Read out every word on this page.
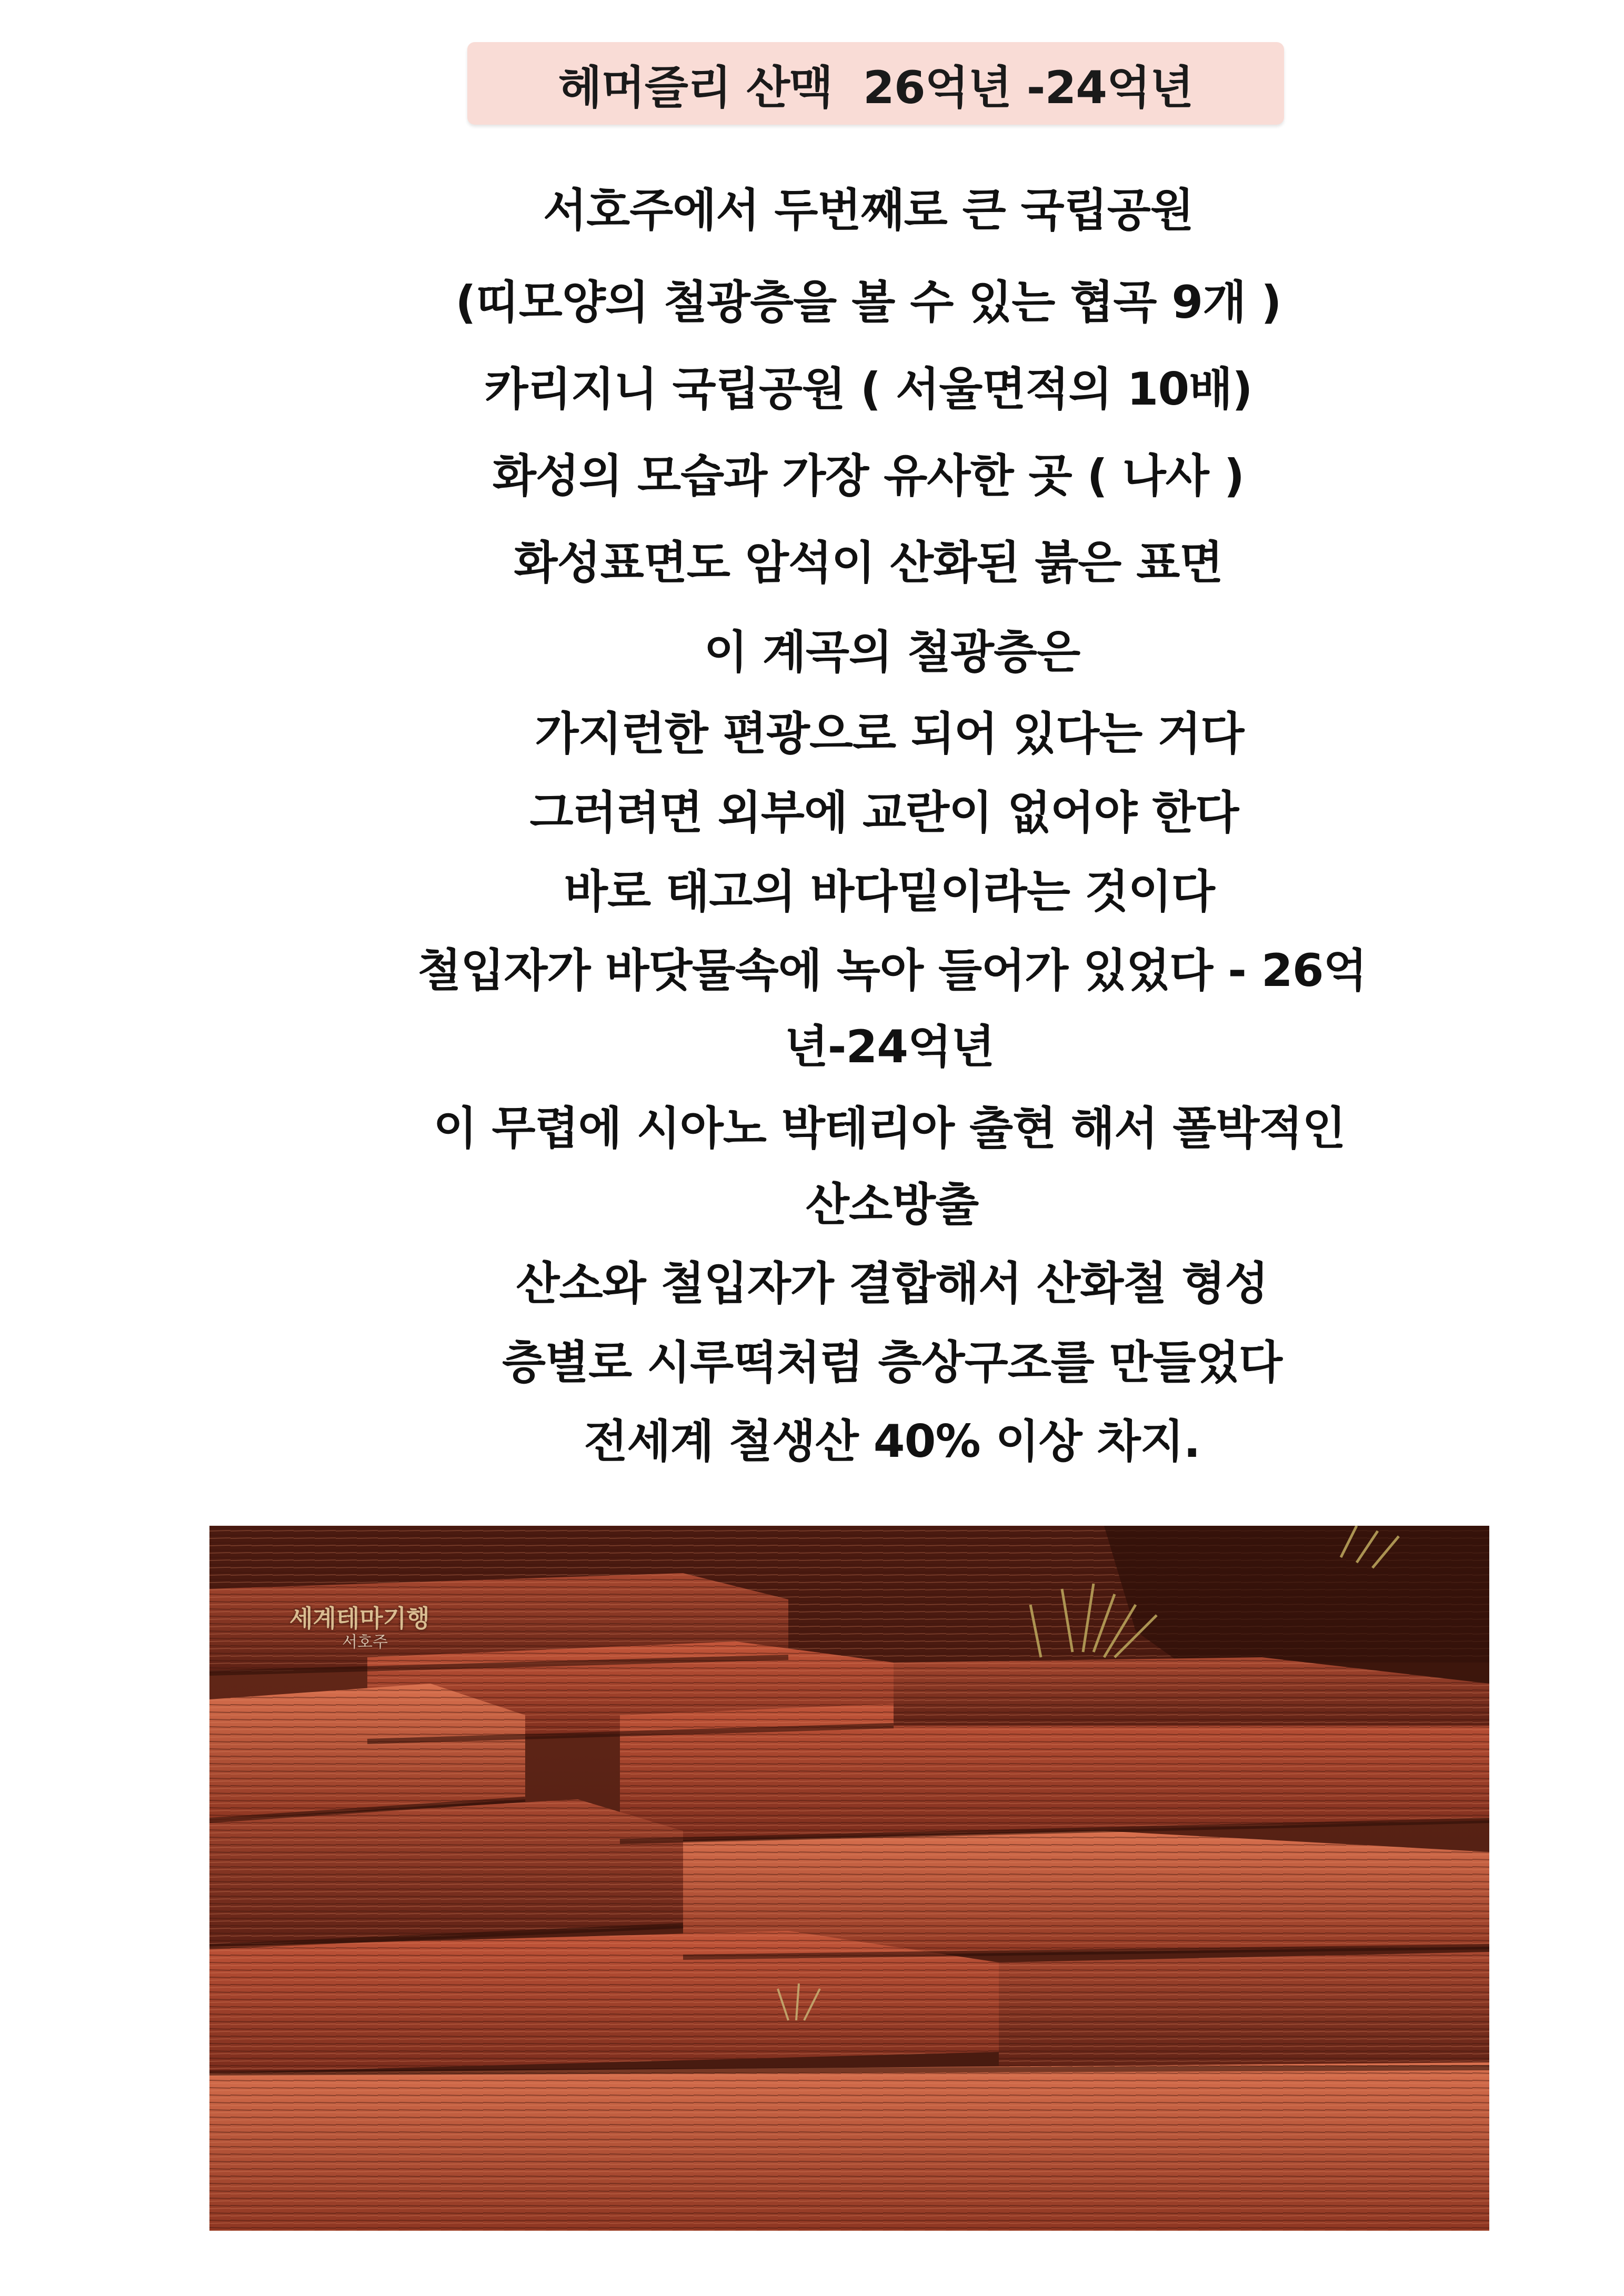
헤머즐리 산맥  26억년 -24억년
서호주에서 두번째로 큰 국립공원
(띠모양의 철광층을 볼 수 있는 협곡 9개 )
카리지니 국립공원 ( 서울면적의 10배)
화성의 모습과 가장 유사한 곳 ( 나사 )
화성표면도 암석이 산화된 붉은 표면
이 계곡의 철광층은
가지런한 편광으로 되어 있다는 거다
그러려면 외부에 교란이 없어야 한다
바로 태고의 바다밑이라는 것이다
철입자가 바닷물속에 녹아 들어가 있었다 - 26억
년-24억년
이 무렵에 시아노 박테리아 출현 해서 폴박적인
산소방출
산소와 철입자가 결합해서 산화철 형성
층별로 시루떡처럼 층상구조를 만들었다
전세계 철생산 40% 이상 차지.
세계테마기행
서호주
